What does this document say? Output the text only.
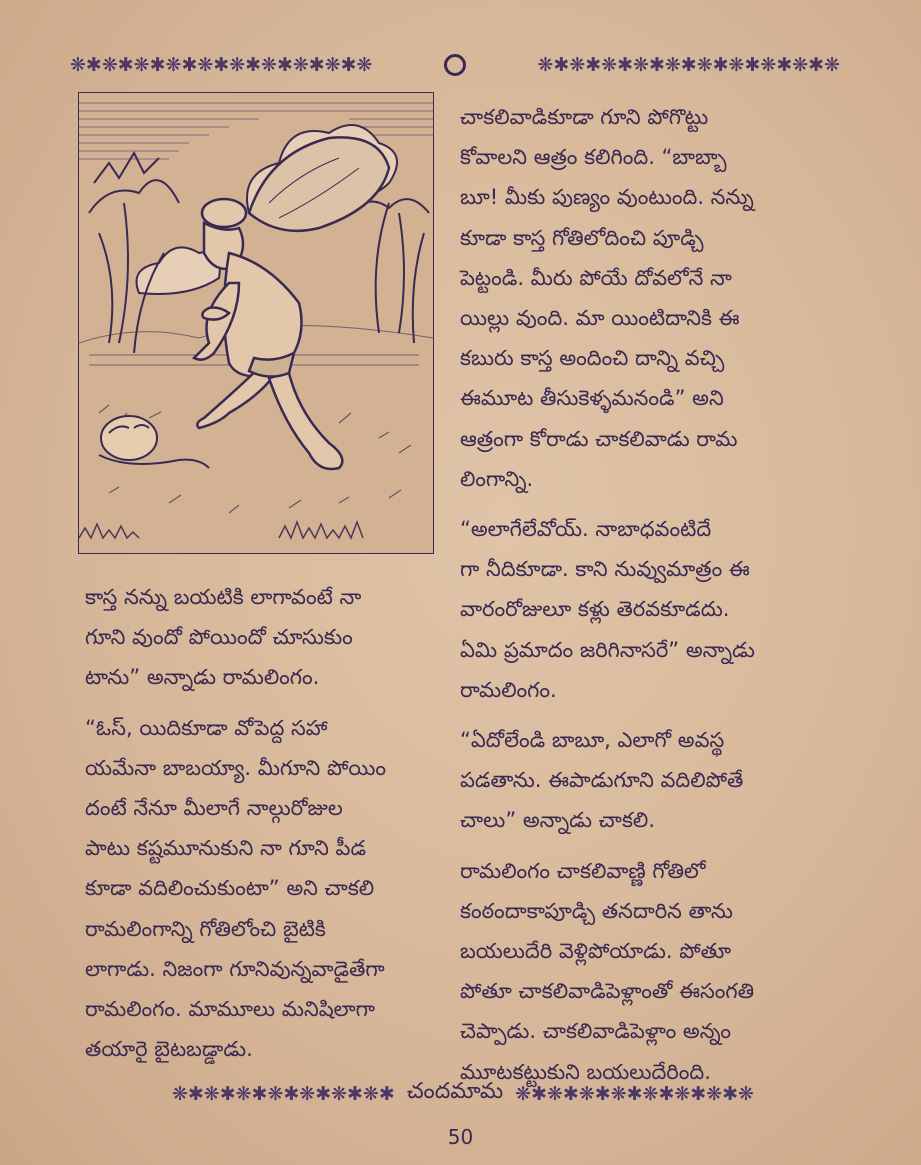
❋✱❋✱❋✱❋✱❋✱❋✱❋✱❋✱❋✱❋	❋✱❋✱❋✱❋✱❋✱❋✱❋✱❋✱❋✱❋

చాకలివాడికూడా గూని పోగొట్టు
కోవాలని ఆత్రం కలిగింది. “బాబ్బా
బూ! మీకు పుణ్యం వుంటుంది. నన్ను
కూడా కాస్త గోతిలోదించి పూడ్చి
పెట్టండి. మీరు పోయే దోవలోనే నా
యిల్లు వుంది. మా యింటిదానికి ఈ
కబురు కాస్త అందించి దాన్ని వచ్చి
ఈమూట తీసుకెళ్ళమనండి” అని
ఆత్రంగా కోరాడు చాకలివాడు రామ
లింగాన్ని.

“అలాగేలేవోయ్. నాబాధవంటిదే
గా నీదికూడా. కాని నువ్వుమాత్రం ఈ
వారంరోజులూ కళ్లు తెరవకూడదు.
ఏమి ప్రమాదం జరిగినాసరే” అన్నాడు
రామలింగం.

“ఏదోలేండి బాబూ, ఎలాగో అవస్థ
పడతాను. ఈపాడుగూని వదిలిపోతే
చాలు” అన్నాడు చాకలి.

రామలింగం చాకలివాణ్ణి గోతిలో
కంఠందాకాపూడ్చి తనదారిన తాను
బయలుదేరి వెళ్లిపోయాడు. పోతూ
పోతూ చాకలివాడిపెళ్లాంతో ఈసంగతి
చెప్పాడు. చాకలివాడిపెళ్లాం అన్నం
మూటకట్టుకుని బయలుదేరింది.

కాస్త నన్ను బయటికి లాగావంటే నా
గూని వుందో పోయిందో చూసుకుం
టాను” అన్నాడు రామలింగం.

“ఓస్, యిదికూడా వోపెద్ద సహా
యమేనా బాబయ్యా. మీగూని పోయిం
దంటే నేనూ మీలాగే నాల్గురోజుల
పాటు కష్టమూనుకుని నా గూని పీడ
కూడా వదిలించుకుంటా” అని చాకలి
రామలింగాన్ని గోతిలోంచి బైటికి
లాగాడు. నిజంగా గూనివున్నవాడైతేగా
రామలింగం. మామూలు మనిషిలాగా
తయారై బైటబడ్డాడు.

❋✱❋✱❋✱❋✱❋✱❋✱❋✱ చందమామ ❋✱❋✱❋✱❋✱❋✱❋✱❋✱❋
50
